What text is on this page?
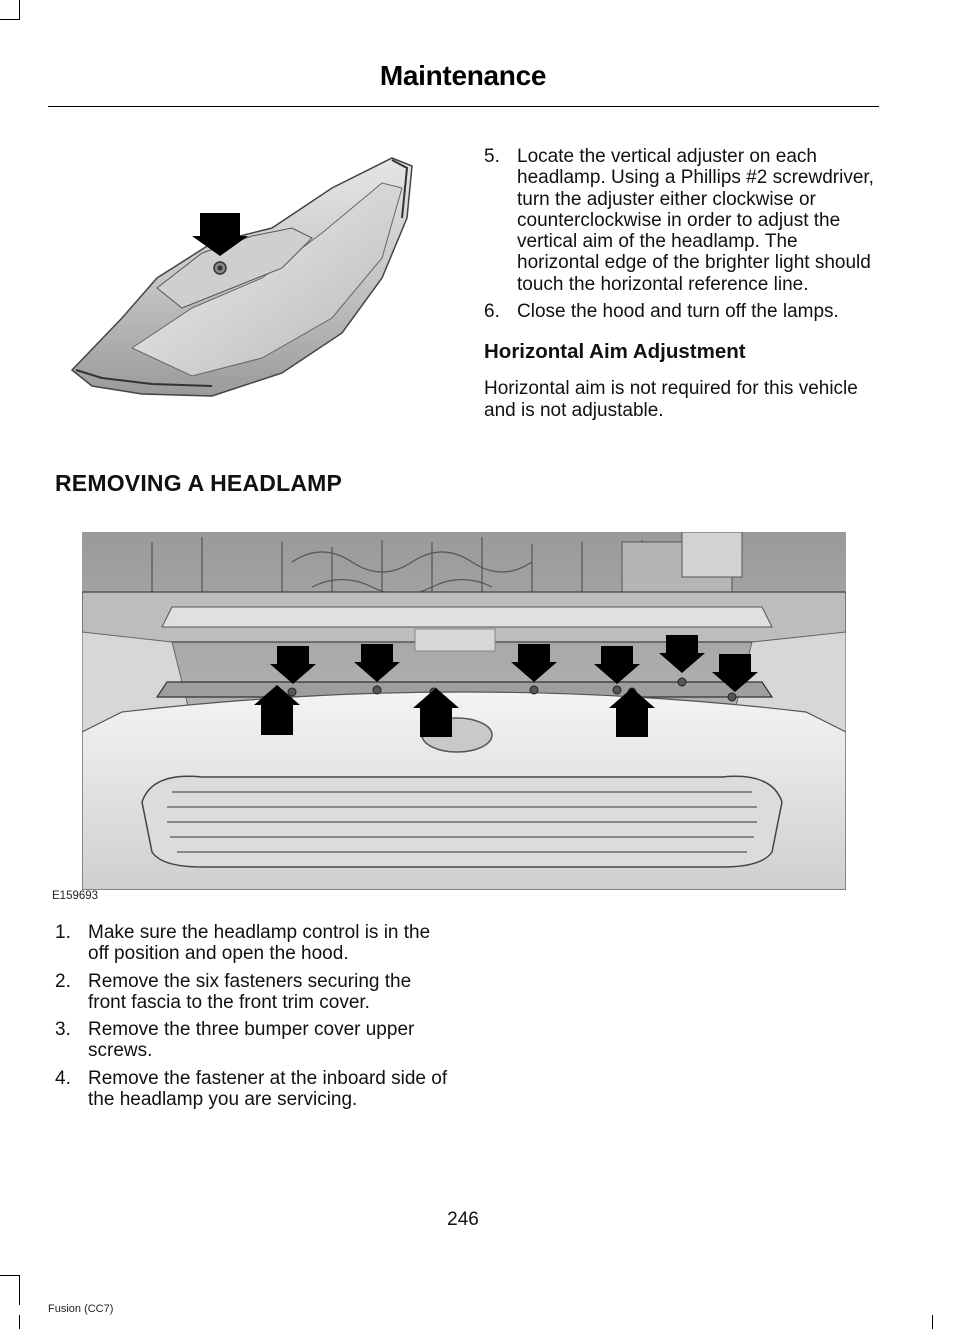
Maintenance
5. Locate the vertical adjuster on each headlamp. Using a Phillips #2 screwdriver, turn the adjuster either clockwise or counterclockwise in order to adjust the vertical aim of the headlamp. The horizontal edge of the brighter light should touch the horizontal reference line.
6. Close the hood and turn off the lamps.
Horizontal Aim Adjustment
Horizontal aim is not required for this vehicle and is not adjustable.
REMOVING A HEADLAMP
E159693
1. Make sure the headlamp control is in the off position and open the hood.
2. Remove the six fasteners securing the front fascia to the front trim cover.
3. Remove the three bumper cover upper screws.
4. Remove the fastener at the inboard side of the headlamp you are servicing.
246
Fusion (CC7)
